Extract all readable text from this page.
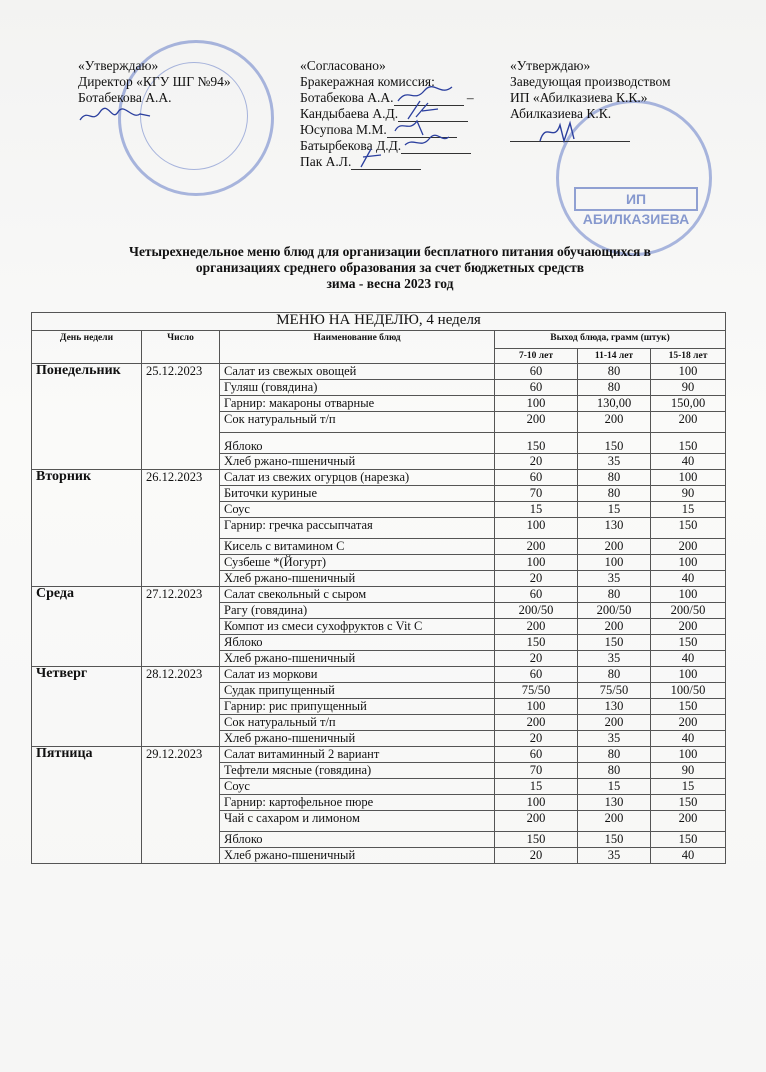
ИП АБИЛКАЗИЕВА
«Утверждаю»
Директор «КГУ ШГ №94»
Ботабекова А.А.
«Согласовано»
Бракеражная комиссия:
Ботабекова А.А.	–
Кандыбаева А.Д.
Юсупова М.М.
Батырбекова Д.Д.
Пак А.Л.
«Утверждаю»
Заведующая производством
ИП «Абилказиева К.К.»
Абилказиева К.К.
Четырехнедельное меню блюд для организации бесплатного питания обучающихся в
организациях среднего образования за счет бюджетных средств
зима - весна 2023 год
МЕНЮ НА НЕДЕЛЮ, 4 неделя					
День недели	Число	Наименование блюд	Выход блюда, грамм (штук)		
			7-10 лет	11-14 лет	15-18 лет
Понедельник	25.12.2023	Салат из свежых овощей	60	80	100
		Гуляш (говядина)	60	80	90
		Гарнир: макароны отварные	100	130,00	150,00
		Сок натуральный т/п	200	200	200
		Яблоко	150	150	150
		Хлеб ржано-пшеничный	20	35	40
Вторник	26.12.2023	Салат из свежих огурцов (нарезка)	60	80	100
		Биточки куриные	70	80	90
		Соус	15	15	15
		Гарнир: гречка рассыпчатая	100	130	150
		Кисель с витамином С	200	200	200
		Сузбеше *(Йогурт)	100	100	100
		Хлеб ржано-пшеничный	20	35	40
Среда	27.12.2023	Салат свекольный с сыром	60	80	100
		Рагу (говядина)	200/50	200/50	200/50
		Компот из смеси сухофруктов с Vit C	200	200	200
		Яблоко	150	150	150
		Хлеб ржано-пшеничный	20	35	40
Четверг	28.12.2023	Салат из моркови	60	80	100
		Судак припущенный	75/50	75/50	100/50
		Гарнир: рис припущенный	100	130	150
		Сок натуральный т/п	200	200	200
		Хлеб ржано-пшеничный	20	35	40
Пятница	29.12.2023	Салат витаминный 2 вариант	60	80	100
		Тефтели мясные (говядина)	70	80	90
		Соус	15	15	15
		Гарнир: картофельное пюре	100	130	150
		Чай с сахаром и лимоном	200	200	200
		Яблоко	150	150	150
		Хлеб ржано-пшеничный	20	35	40
